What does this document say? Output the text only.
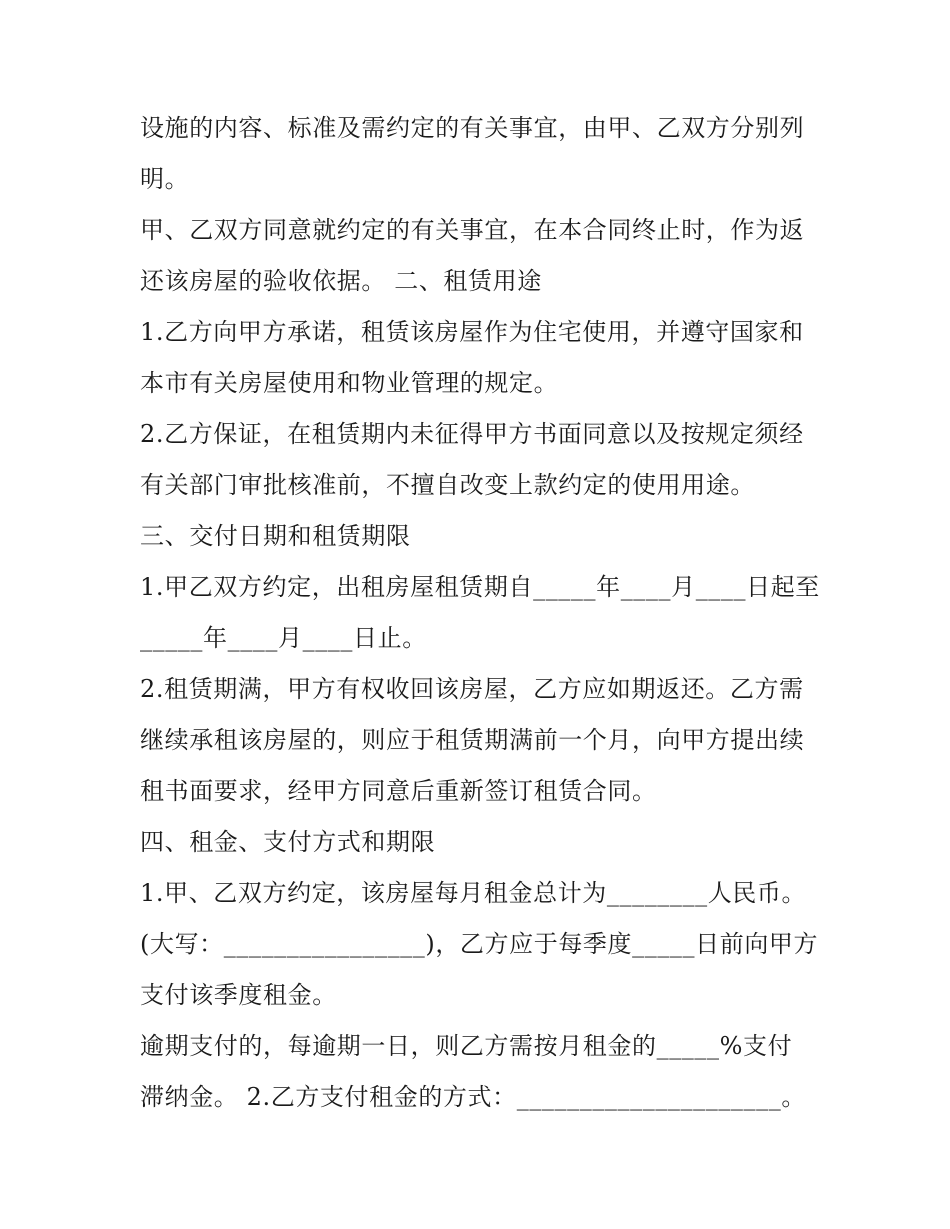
设施的内容、标准及需约定的有关事宜，由甲、乙双方分别列

明。

甲、乙双方同意就约定的有关事宜，在本合同终止时，作为返

还该房屋的验收依据。 二、租赁用途

1.乙方向甲方承诺，租赁该房屋作为住宅使用，并遵守国家和

本市有关房屋使用和物业管理的规定。

2.乙方保证，在租赁期内未征得甲方书面同意以及按规定须经

有关部门审批核准前，不擅自改变上款约定的使用用途。

三、交付日期和租赁期限

1.甲乙双方约定，出租房屋租赁期自_____年____月____日起至

_____年____月____日止。

2.租赁期满，甲方有权收回该房屋，乙方应如期返还。乙方需

继续承租该房屋的，则应于租赁期满前一个月，向甲方提出续

租书面要求，经甲方同意后重新签订租赁合同。

四、租金、支付方式和期限

1.甲、乙双方约定，该房屋每月租金总计为________人民币。

(大写：________________)，乙方应于每季度_____日前向甲方

支付该季度租金。

逾期支付的，每逾期一日，则乙方需按月租金的_____%支付

滞纳金。 2.乙方支付租金的方式：_____________________。
